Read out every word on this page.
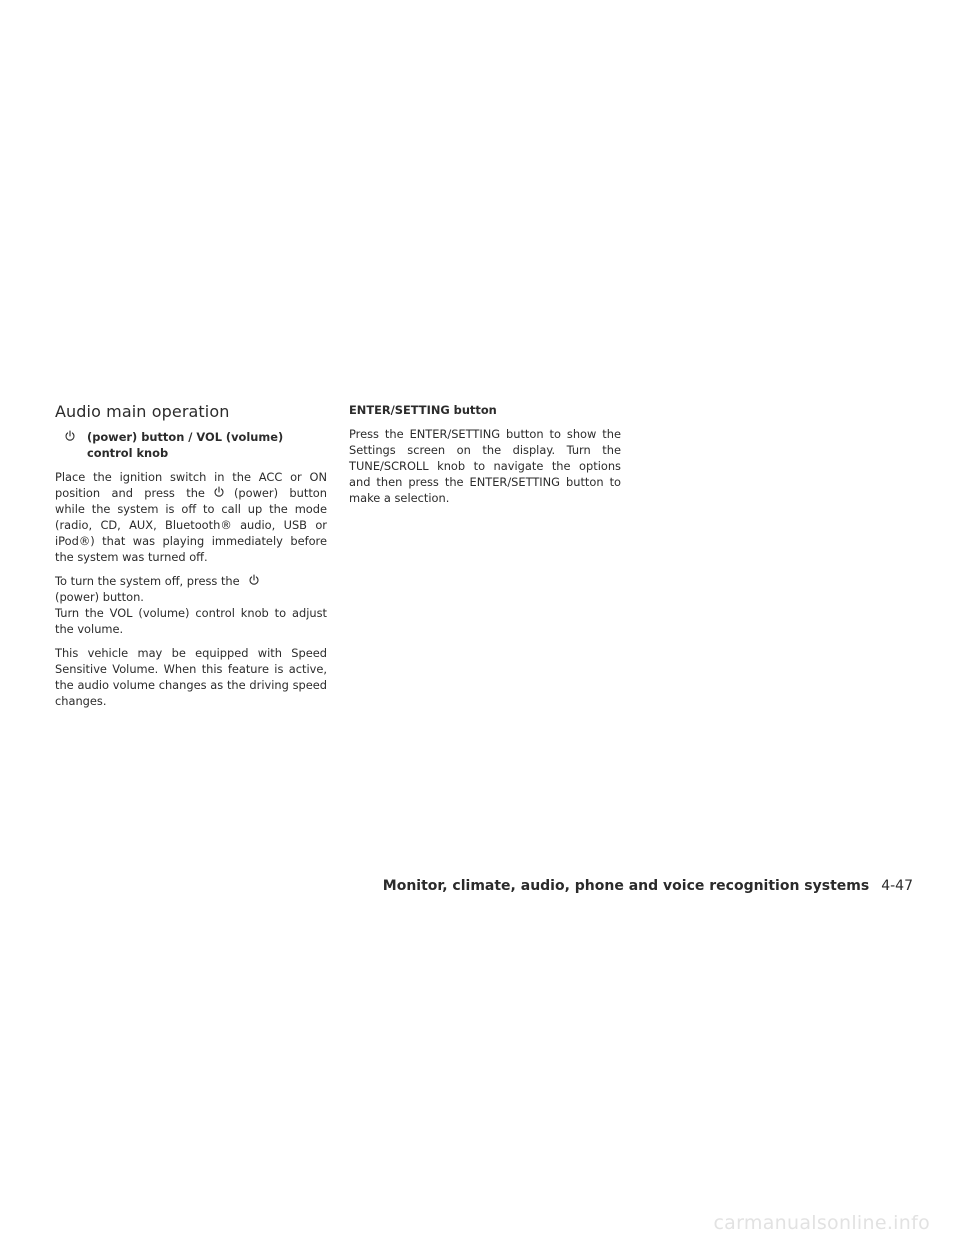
Audio main operation
(power) button / VOL (volume)
control knob

Place the ignition switch in the ACC or ON position and press the	(power) button while the system is off to call up the mode (radio, CD, AUX, Bluetooth® audio, USB or iPod®) that was playing immediately before the system was turned off.

To turn the system off, press the

(power) button.

Turn the VOL (volume) control knob to adjust the volume.

This vehicle may be equipped with Speed Sensitive Volume. When this feature is active, the audio volume changes as the driving speed changes.

ENTER/SETTING button

Press the ENTER/SETTING button to show the Settings screen on the display. Turn the TUNE/SCROLL knob to navigate the options and then press the ENTER/SETTING button to make a selection.

Monitor, climate, audio, phone and voice recognition systems 4-47
carmanualsonline.info
